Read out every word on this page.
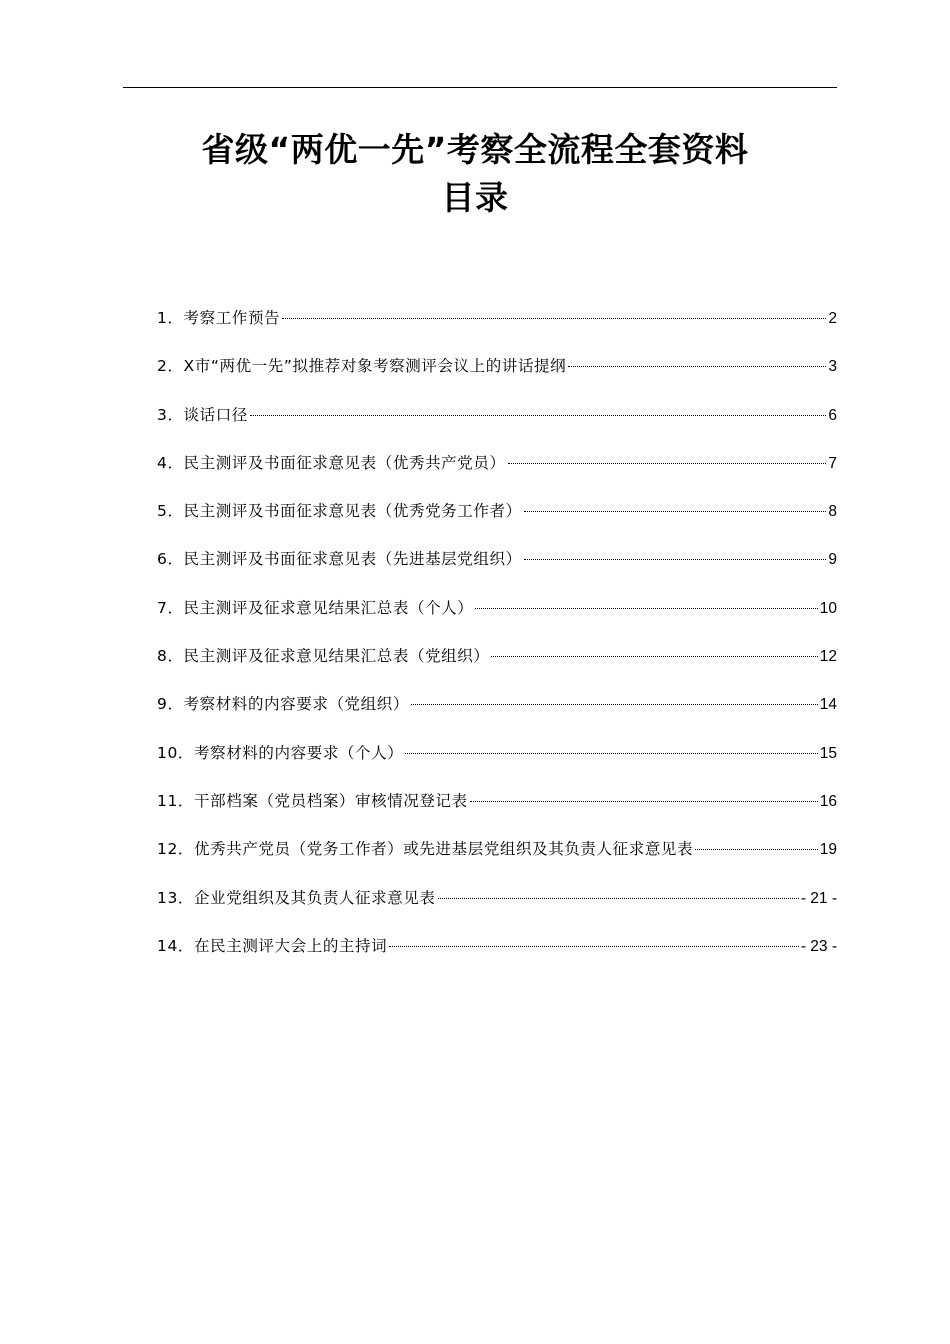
省级“两优一先”考察全流程全套资料
目录
1．考察工作预告	2
2．X市“两优一先”拟推荐对象考察测评会议上的讲话提纲	3
3．谈话口径	6
4．民主测评及书面征求意见表（优秀共产党员）	7
5．民主测评及书面征求意见表（优秀党务工作者）	8
6．民主测评及书面征求意见表（先进基层党组织）	9
7．民主测评及征求意见结果汇总表（个人）	10
8．民主测评及征求意见结果汇总表（党组织）	12
9．考察材料的内容要求（党组织）	14
10．考察材料的内容要求（个人）	15
11．干部档案（党员档案）审核情况登记表	16
12．优秀共产党员（党务工作者）或先进基层党组织及其负责人征求意见表	19
13．企业党组织及其负责人征求意见表	- 21 -
14．在民主测评大会上的主持词	- 23 -
